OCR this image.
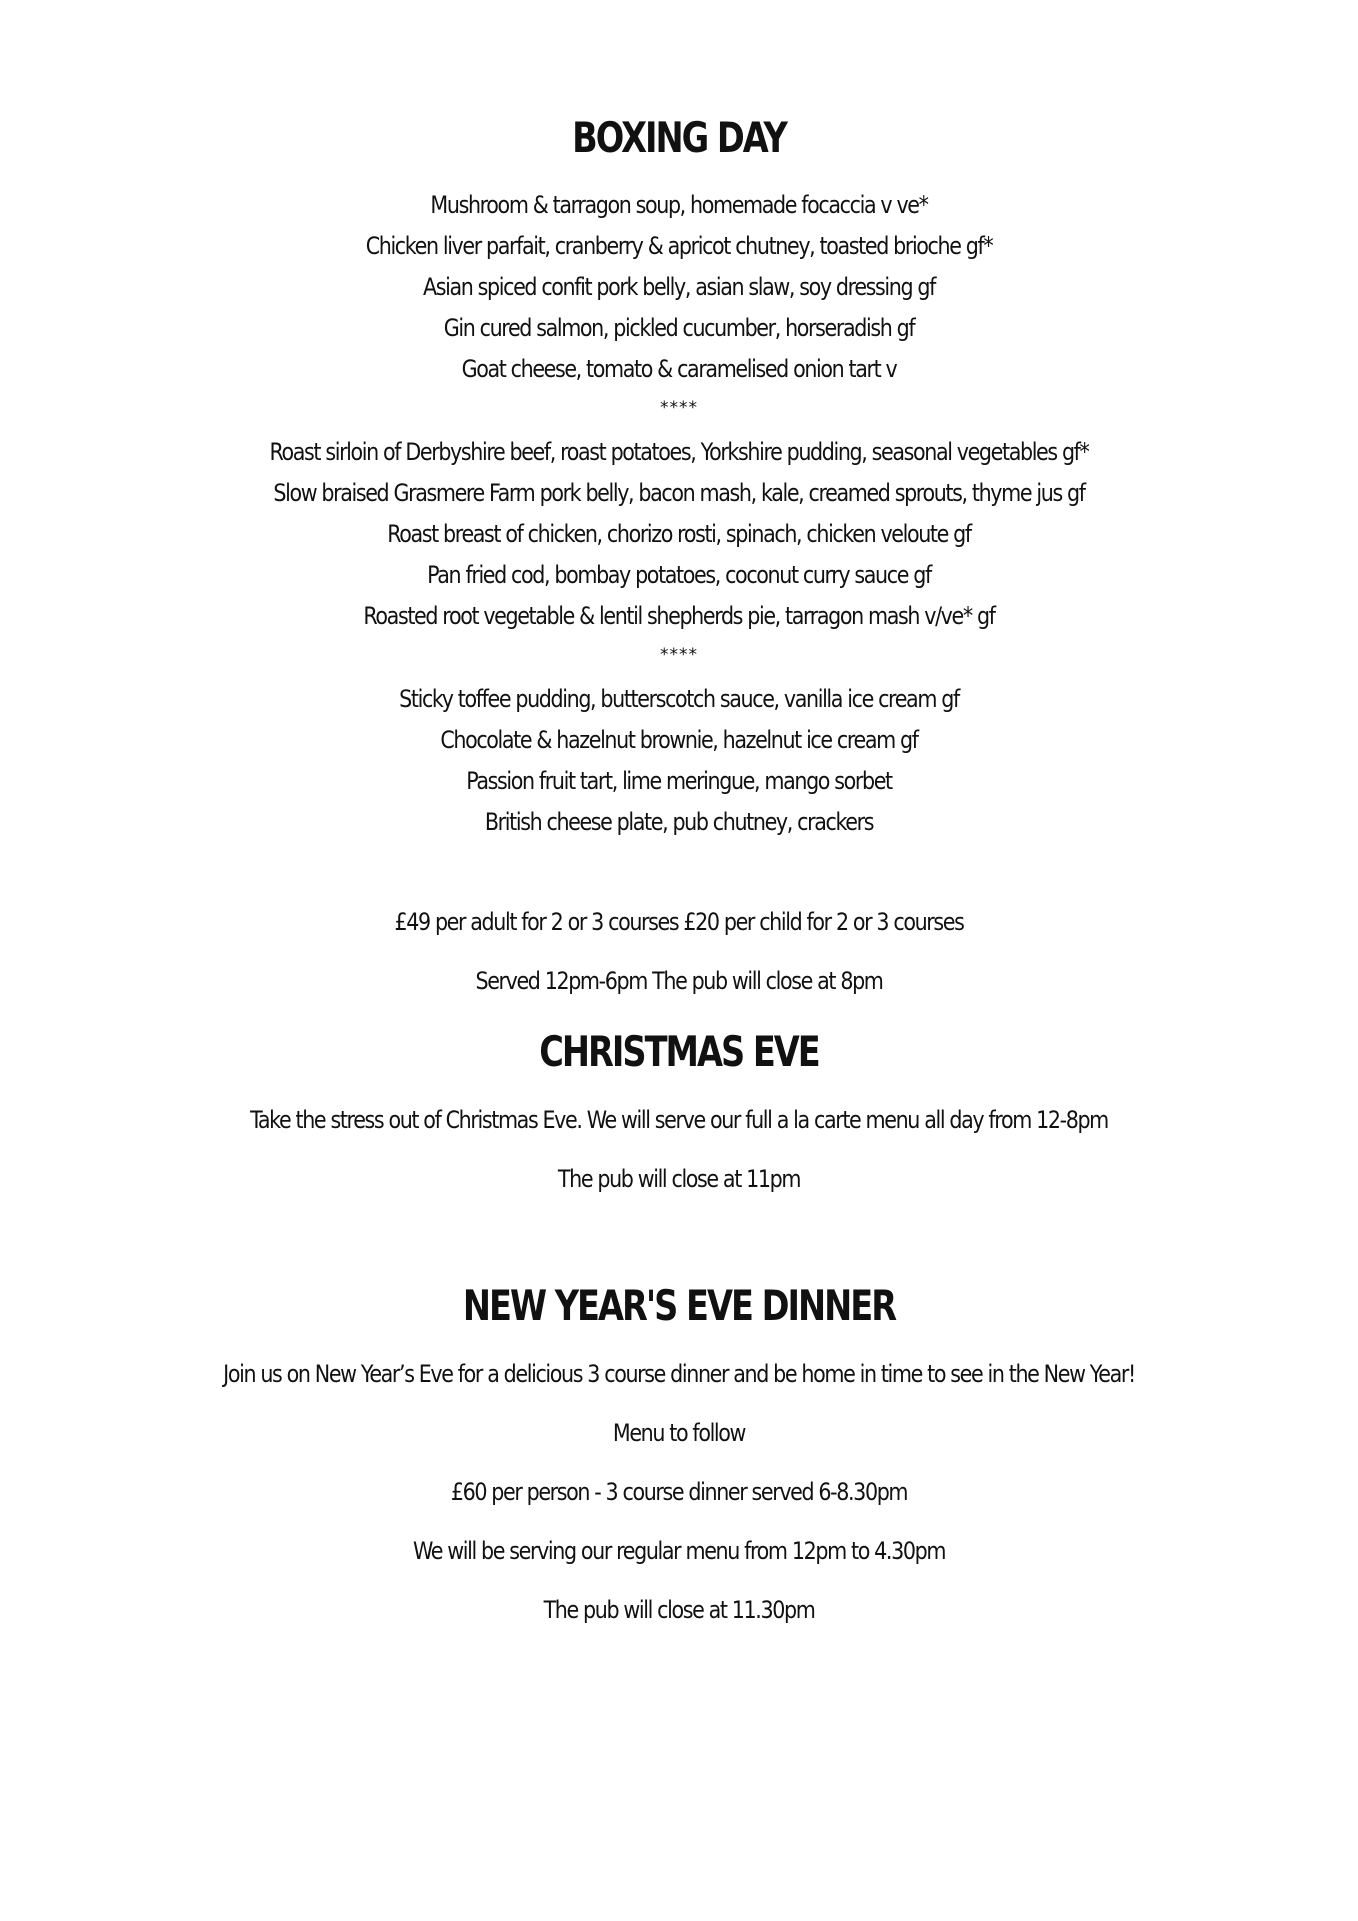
BOXING DAY
Mushroom & tarragon soup, homemade focaccia v ve*
Chicken liver parfait, cranberry & apricot chutney, toasted brioche gf*
Asian spiced confit pork belly, asian slaw, soy dressing gf
Gin cured salmon, pickled cucumber, horseradish gf
Goat cheese, tomato & caramelised onion tart v
****
Roast sirloin of Derbyshire beef, roast potatoes, Yorkshire pudding, seasonal vegetables gf*
Slow braised Grasmere Farm pork belly, bacon mash, kale, creamed sprouts, thyme jus gf
Roast breast of chicken, chorizo rosti, spinach, chicken veloute gf
Pan fried cod, bombay potatoes, coconut curry sauce gf
Roasted root vegetable & lentil shepherds pie, tarragon mash v/ve* gf
****
Sticky toffee pudding, butterscotch sauce, vanilla ice cream gf
Chocolate & hazelnut brownie, hazelnut ice cream gf
Passion fruit tart, lime meringue, mango sorbet
British cheese plate, pub chutney, crackers
£49 per adult for 2 or 3 courses £20 per child for 2 or 3 courses
Served 12pm-6pm The pub will close at 8pm
CHRISTMAS EVE
Take the stress out of Christmas Eve. We will serve our full a la carte menu all day from 12-8pm
The pub will close at 11pm
NEW YEAR'S EVE DINNER
Join us on New Year’s Eve for a delicious 3 course dinner and be home in time to see in the New Year!
Menu to follow
£60 per person - 3 course dinner served 6-8.30pm
We will be serving our regular menu from 12pm to 4.30pm
The pub will close at 11.30pm
